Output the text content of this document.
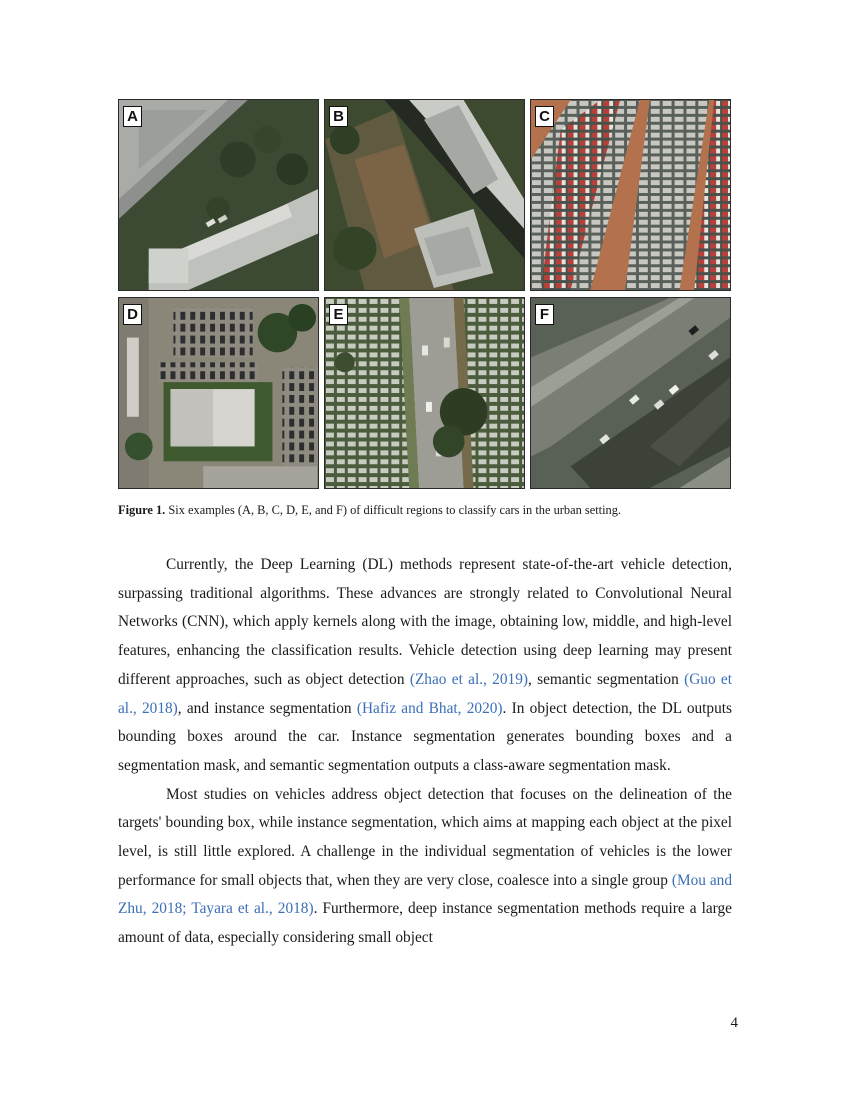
A	B	C
D	E	F
Figure 1. Six examples (A, B, C, D, E, and F) of difficult regions to classify cars in the urban setting.

Currently, the Deep Learning (DL) methods represent state-of-the-art vehicle detection, surpassing traditional algorithms. These advances are strongly related to Convolutional Neural Networks (CNN), which apply kernels along with the image, obtaining low, middle, and high-level features, enhancing the classification results. Vehicle detection using deep learning may present different approaches, such as object detection (Zhao et al., 2019), semantic segmentation (Guo et al., 2018), and instance segmentation (Hafiz and Bhat, 2020). In object detection, the DL outputs bounding boxes around the car. Instance segmentation generates bounding boxes and a segmentation mask, and semantic segmentation outputs a class-aware segmentation mask.

Most studies on vehicles address object detection that focuses on the delineation of the targets' bounding box, while instance segmentation, which aims at mapping each object at the pixel level, is still little explored. A challenge in the individual segmentation of vehicles is the lower performance for small objects that, when they are very close, coalesce into a single group (Mou and Zhu, 2018; Tayara et al., 2018). Furthermore, deep instance segmentation methods require a large amount of data, especially considering small object

4
